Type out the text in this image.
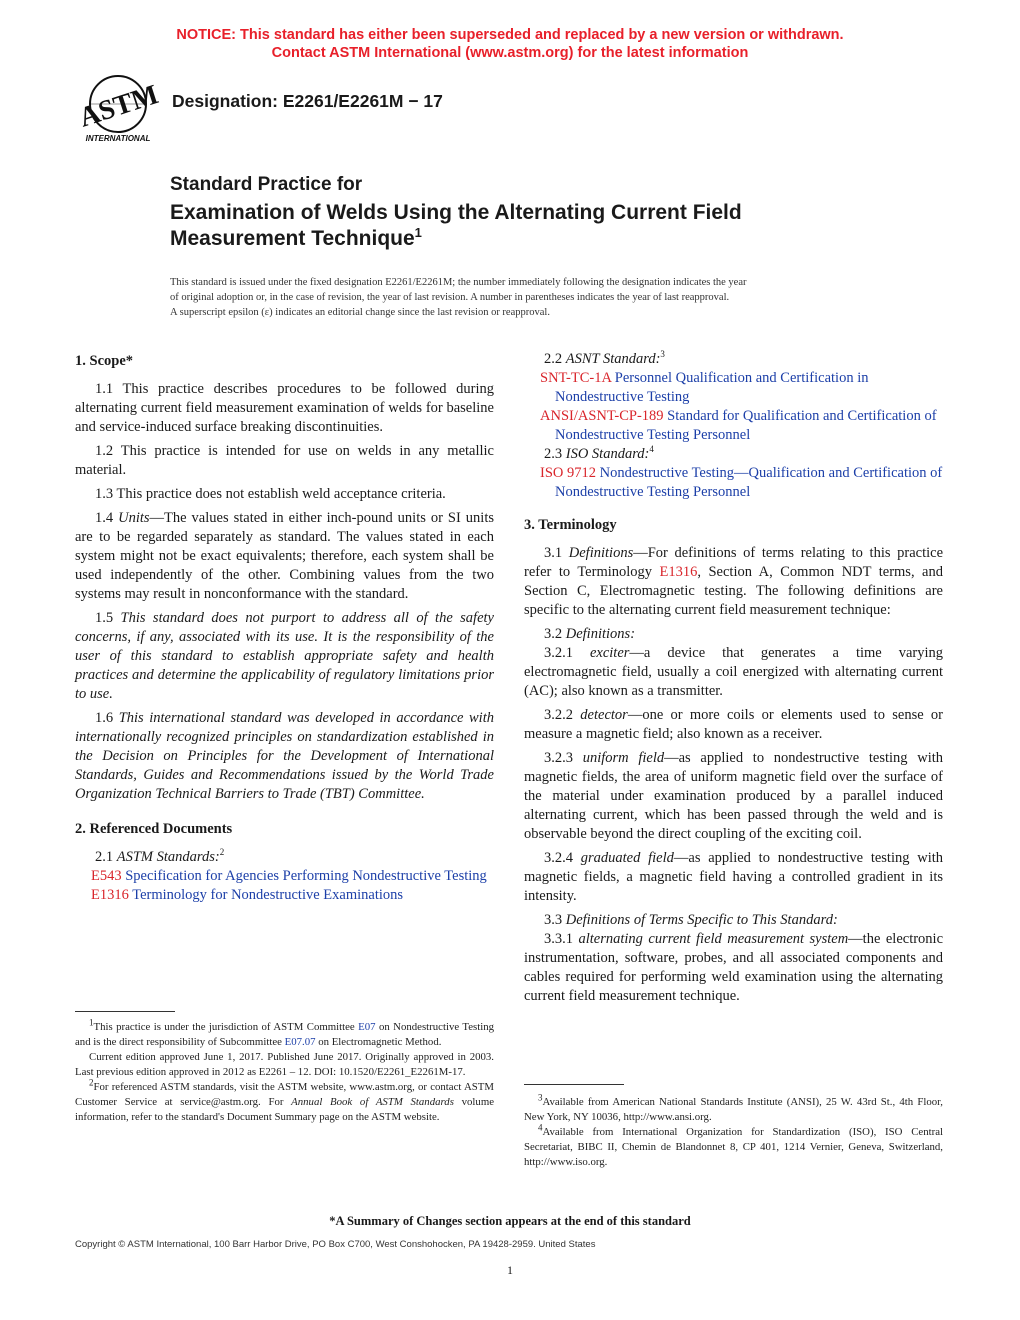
NOTICE: This standard has either been superseded and replaced by a new version or withdrawn.
Contact ASTM International (www.astm.org) for the latest information
ASTM
INTERNATIONAL
Designation: E2261/E2261M − 17
Standard Practice for
Examination of Welds Using the Alternating Current Field
Measurement Technique$^1$
This standard is issued under the fixed designation E2261/E2261M; the number immediately following the designation indicates the year
of original adoption or, in the case of revision, the year of last revision. A number in parentheses indicates the year of last reapproval.
A superscript epsilon (ε) indicates an editorial change since the last revision or reapproval.
1. Scope*

1.1 This practice describes procedures to be followed during alternating current field measurement examination of welds for baseline and service-induced surface breaking discontinuities.

1.2 This practice is intended for use on welds in any metallic material.

1.3 This practice does not establish weld acceptance criteria.

1.4 Units—The values stated in either inch-pound units or SI units are to be regarded separately as standard. The values stated in each system might not be exact equivalents; therefore, each system shall be used independently of the other. Combining values from the two systems may result in nonconformance with the standard.

1.5 This standard does not purport to address all of the safety concerns, if any, associated with its use. It is the responsibility of the user of this standard to establish appropriate safety and health practices and determine the applicability of regulatory limitations prior to use.

1.6 This international standard was developed in accordance with internationally recognized principles on standardization established in the Decision on Principles for the Development of International Standards, Guides and Recommendations issued by the World Trade Organization Technical Barriers to Trade (TBT) Committee.

2. Referenced Documents

2.1 ASTM Standards:$^2$

E543 Specification for Agencies Performing Nondestructive Testing
E1316 Terminology for Nondestructive Examinations

2.2 ASNT Standard:$^3$

SNT-TC-1A Personnel Qualification and Certification in Nondestructive Testing
ANSI/ASNT-CP-189 Standard for Qualification and Certification of Nondestructive Testing Personnel

2.3 ISO Standard:$^4$

ISO 9712 Nondestructive Testing—Qualification and Certification of Nondestructive Testing Personnel
3. Terminology

3.1 Definitions—For definitions of terms relating to this practice refer to Terminology E1316, Section A, Common NDT terms, and Section C, Electromagnetic testing. The following definitions are specific to the alternating current field measurement technique:

3.2 Definitions:

3.2.1 exciter—a device that generates a time varying electromagnetic field, usually a coil energized with alternating current (AC); also known as a transmitter.

3.2.2 detector—one or more coils or elements used to sense or measure a magnetic field; also known as a receiver.

3.2.3 uniform field—as applied to nondestructive testing with magnetic fields, the area of uniform magnetic field over the surface of the material under examination produced by a parallel induced alternating current, which has been passed through the weld and is observable beyond the direct coupling of the exciting coil.

3.2.4 graduated field—as applied to nondestructive testing with magnetic fields, a magnetic field having a controlled gradient in its intensity.

3.3 Definitions of Terms Specific to This Standard:

3.3.1 alternating current field measurement system—the electronic instrumentation, software, probes, and all associated components and cables required for performing weld examination using the alternating current field measurement technique.

$^1$This practice is under the jurisdiction of ASTM Committee E07 on Nondestructive Testing and is the direct responsibility of Subcommittee E07.07 on Electromagnetic Method.

Current edition approved June 1, 2017. Published June 2017. Originally approved in 2003. Last previous edition approved in 2012 as E2261 – 12. DOI: 10.1520/E2261_E2261M-17.

$^2$For referenced ASTM standards, visit the ASTM website, www.astm.org, or contact ASTM Customer Service at service@astm.org. For Annual Book of ASTM Standards volume information, refer to the standard's Document Summary page on the ASTM website.

$^3$Available from American National Standards Institute (ANSI), 25 W. 43rd St., 4th Floor, New York, NY 10036, http://www.ansi.org.

$^4$Available from International Organization for Standardization (ISO), ISO Central Secretariat, BIBC II, Chemin de Blandonnet 8, CP 401, 1214 Vernier, Geneva, Switzerland, http://www.iso.org.

*A Summary of Changes section appears at the end of this standard
Copyright © ASTM International, 100 Barr Harbor Drive, PO Box C700, West Conshohocken, PA 19428-2959. United States
1
